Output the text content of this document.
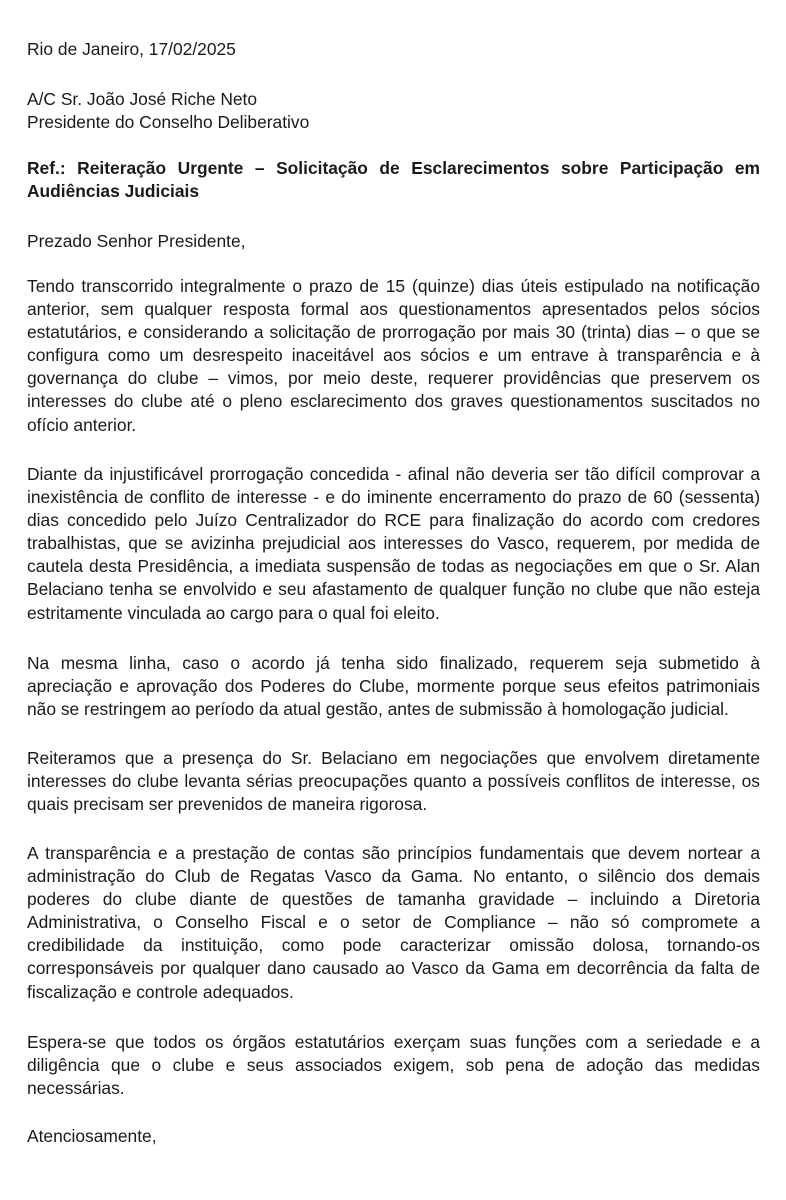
Rio de Janeiro, 17/02/2025
A/C Sr. João José Riche Neto
Presidente do Conselho Deliberativo
Ref.: Reiteração Urgente – Solicitação de Esclarecimentos sobre Participação em Audiências Judiciais
Prezado Senhor Presidente,
Tendo transcorrido integralmente o prazo de 15 (quinze) dias úteis estipulado na notificação anterior, sem qualquer resposta formal aos questionamentos apresentados pelos sócios estatutários, e considerando a solicitação de prorrogação por mais 30 (trinta) dias – o que se configura como um desrespeito inaceitável aos sócios e um entrave à transparência e à governança do clube – vimos, por meio deste, requerer providências que preservem os interesses do clube até o pleno esclarecimento dos graves questionamentos suscitados no ofício anterior.
Diante da injustificável prorrogação concedida - afinal não deveria ser tão difícil comprovar a inexistência de conflito de interesse - e do iminente encerramento do prazo de 60 (sessenta) dias concedido pelo Juízo Centralizador do RCE para finalização do acordo com credores trabalhistas, que se avizinha prejudicial aos interesses do Vasco, requerem, por medida de cautela desta Presidência, a imediata suspensão de todas as negociações em que o Sr. Alan Belaciano tenha se envolvido e seu afastamento de qualquer função no clube que não esteja estritamente vinculada ao cargo para o qual foi eleito.
Na mesma linha, caso o acordo já tenha sido finalizado, requerem seja submetido à apreciação e aprovação dos Poderes do Clube, mormente porque seus efeitos patrimoniais não se restringem ao período da atual gestão, antes de submissão à homologação judicial.
Reiteramos que a presença do Sr. Belaciano em negociações que envolvem diretamente interesses do clube levanta sérias preocupações quanto a possíveis conflitos de interesse, os quais precisam ser prevenidos de maneira rigorosa.
A transparência e a prestação de contas são princípios fundamentais que devem nortear a administração do Club de Regatas Vasco da Gama. No entanto, o silêncio dos demais poderes do clube diante de questões de tamanha gravidade – incluindo a Diretoria Administrativa, o Conselho Fiscal e o setor de Compliance – não só compromete a credibilidade da instituição, como pode caracterizar omissão dolosa, tornando-os corresponsáveis por qualquer dano causado ao Vasco da Gama em decorrência da falta de fiscalização e controle adequados.
Espera-se que todos os órgãos estatutários exerçam suas funções com a seriedade e a diligência que o clube e seus associados exigem, sob pena de adoção das medidas necessárias.
Atenciosamente,
